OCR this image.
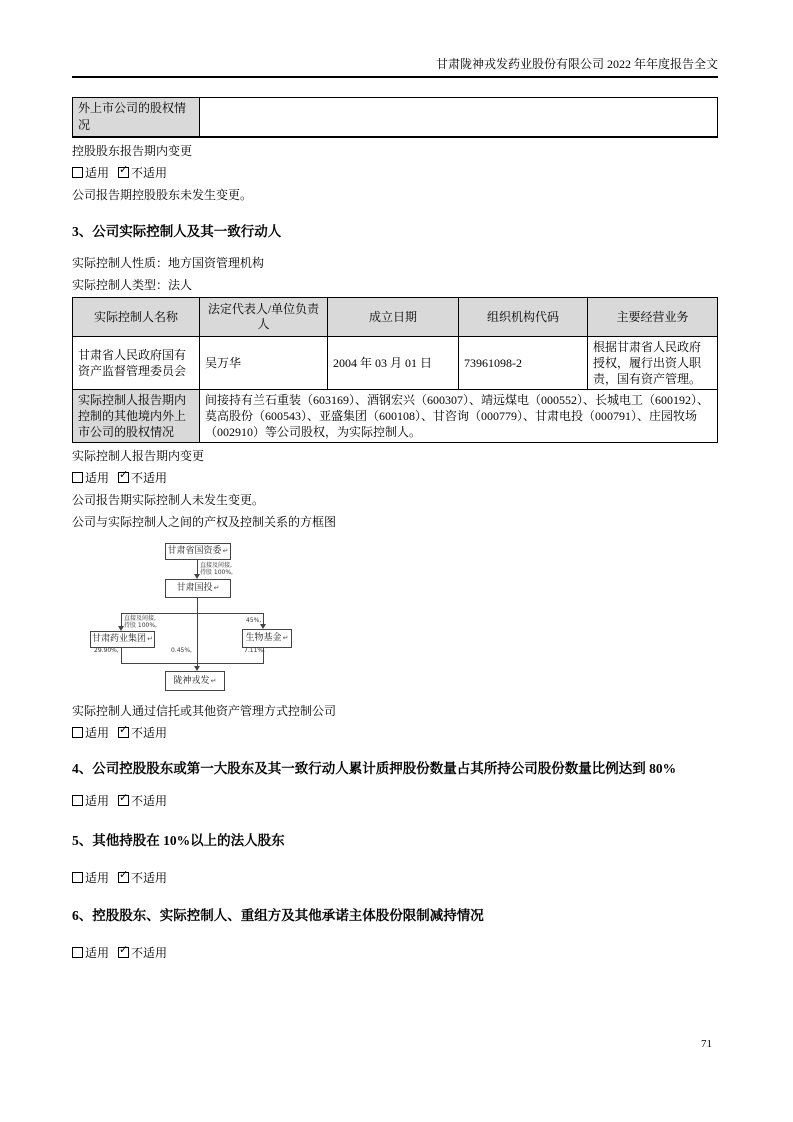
甘肃陇神戎发药业股份有限公司 2022 年年度报告全文
外上市公司的股权情况	

控股股东报告期内变更

适用 ✓ 不适用

公司报告期控股股东未发生变更。

3、公司实际控制人及其一致行动人

实际控制人性质：地方国资管理机构

实际控制人类型：法人

实际控制人名称	法定代表人/单位负责人	成立日期	组织机构代码	主要经营业务
甘肃省人民政府国有资产监督管理委员会	吴万华	2004 年 03 月 01 日	73961098-2	根据甘肃省人民政府授权，履行出资人职责，国有资产管理。
实际控制人报告期内控制的其他境内外上市公司的股权情况	间接持有兰石重装（603169）、酒钢宏兴（600307）、靖远煤电（000552）、长城电工（600192）、莫高股份（600543）、亚盛集团（600108）、甘咨询（000779）、甘肃电投（000791）、庄园牧场（002910）等公司股权，为实际控制人。			

实际控制人报告期内变更

适用 ✓ 不适用

公司报告期实际控制人未发生变更。

公司与实际控制人之间的产权及控制关系的方框图

甘肃省国资委 ↵
甘肃国投 ↵
甘肃药业集团 ↵	生物基金 ↵
陇神戎发 ↵
直接及间接,
持股 100%,
直接及间接,
持股 100%,
45%,
29.90%,	0.45%,	7.11%,

实际控制人通过信托或其他资产管理方式控制公司

适用 ✓ 不适用
4、公司控股股东或第一大股东及其一致行动人累计质押股份数量占其所持公司股份数量比例达到 80%
适用 ✓ 不适用
5、其他持股在 10%以上的法人股东
适用 ✓ 不适用
6、控股股东、实际控制人、重组方及其他承诺主体股份限制减持情况
适用 ✓ 不适用
71
